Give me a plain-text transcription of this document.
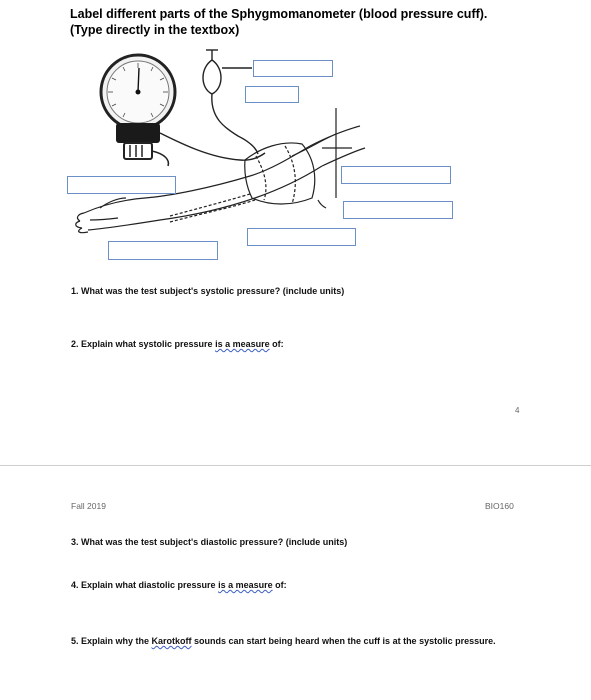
Label different parts of the Sphygmomanometer (blood pressure cuff). (Type directly in the textbox)
1. What was the test subject's systolic pressure? (include units)
2. Explain what systolic pressure is a measure of:
4
Fall 2019	BIO160
3. What was the test subject's diastolic pressure? (include units)
4. Explain what diastolic pressure is a measure of:
5. Explain why the Karotkoff sounds can start being heard when the cuff is at the systolic pressure.
